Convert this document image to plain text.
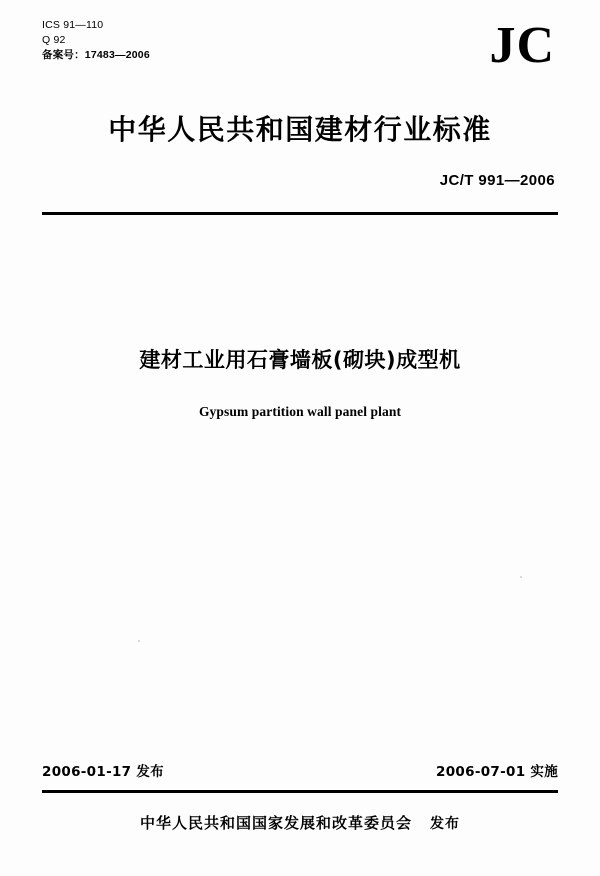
ICS 91—110
Q 92
备案号：17483—2006	JC
中华人民共和国建材行业标准
JC/T 991—2006
建材工业用石膏墙板(砌块)成型机
Gypsum partition wall panel plant
2006-01-17 发布	2006-07-01 实施
中华人民共和国国家发展和改革委员会 发布
